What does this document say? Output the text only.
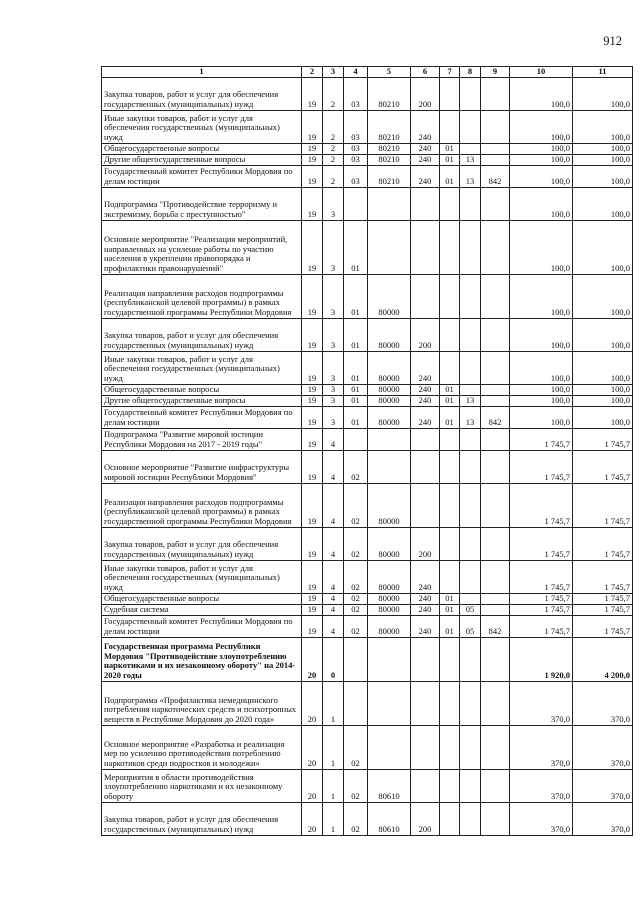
912
1	2	3	4	5	6	7	8	9	10	11
Закупка товаров, работ и услуг для обеспечения государственных (муниципальных) нужд	19	2	03	80210	200				100,0	100,0
Иные закупки товаров, работ и услуг для обеспечения государственных (муниципальных) нужд	19	2	03	80210	240				100,0	100,0
Общегосударственные вопросы	19	2	03	80210	240	01			100,0	100,0
Другие общегосударственные вопросы	19	2	03	80210	240	01	13		100,0	100,0
Государственный комитет Республики Мордовия по делам юстиции	19	2	03	80210	240	01	13	842	100,0	100,0
Подпрограмма "Противодействие терроризму и экстремизму, борьба с преступностью"	19	3							100,0	100,0
Основное мероприятие "Реализация мероприятий, направленных на усиление работы по участию населения в укреплении правопорядка и профилактики правонарушений"	19	3	01						100,0	100,0
Реализация направления расходов подпрограммы (республиканской целевой программы) в рамках государственной программы Республики Мордовия	19	3	01	80000					100,0	100,0
Закупка товаров, работ и услуг для обеспечения государственных (муниципальных) нужд	19	3	01	80000	200				100,0	100,0
Иные закупки товаров, работ и услуг для обеспечения государственных (муниципальных) нужд	19	3	01	80000	240				100,0	100,0
Общегосударственные вопросы	19	3	01	80000	240	01			100,0	100,0
Другие общегосударственные вопросы	19	3	01	80000	240	01	13		100,0	100,0
Государственный комитет Республики Мордовия по делам юстиции	19	3	01	80000	240	01	13	842	100,0	100,0
Подпрограмма "Развитие мировой юстиции Республики Мордовия на 2017 - 2019 годы"	19	4							1 745,7	1 745,7
Основное мероприятие "Развитие инфраструктуры мировой юстиции Республики Мордовия"	19	4	02						1 745,7	1 745,7
Реализация направления расходов подпрограммы (республиканской целевой программы) в рамках государственной программы Республики Мордовия	19	4	02	80000					1 745,7	1 745,7
Закупка товаров, работ и услуг для обеспечения государственных (муниципальных) нужд	19	4	02	80000	200				1 745,7	1 745,7
Иные закупки товаров, работ и услуг для обеспечения государственных (муниципальных) нужд	19	4	02	80000	240				1 745,7	1 745,7
Общегосударственные вопросы	19	4	02	80000	240	01			1 745,7	1 745,7
Судебная система	19	4	02	80000	240	01	05		1 745,7	1 745,7
Государственный комитет Республики Мордовия по делам юстиции	19	4	02	80000	240	01	05	842	1 745,7	1 745,7
Государственная программа Республики Мордовия "Противодействие злоупотреблению наркотиками и их незаконному обороту" на 2014-2020 годы	20	0							1 920,0	4 200,0
Подпрограмма «Профилактика немедицинского потребления наркотических средств и психотропных веществ в Республике Мордовия до 2020 года»	20	1							370,0	370,0
Основное мероприятие «Разработка и реализация мер по усилению противодействия потреблению наркотиков среди подростков и молодежи»	20	1	02						370,0	370,0
Мероприятия в области противодействия злоупотреблению наркотиками и их незаконному обороту	20	1	02	80610					370,0	370,0
Закупка товаров, работ и услуг для обеспечения государственных (муниципальных) нужд	20	1	02	80610	200				370,0	370,0
